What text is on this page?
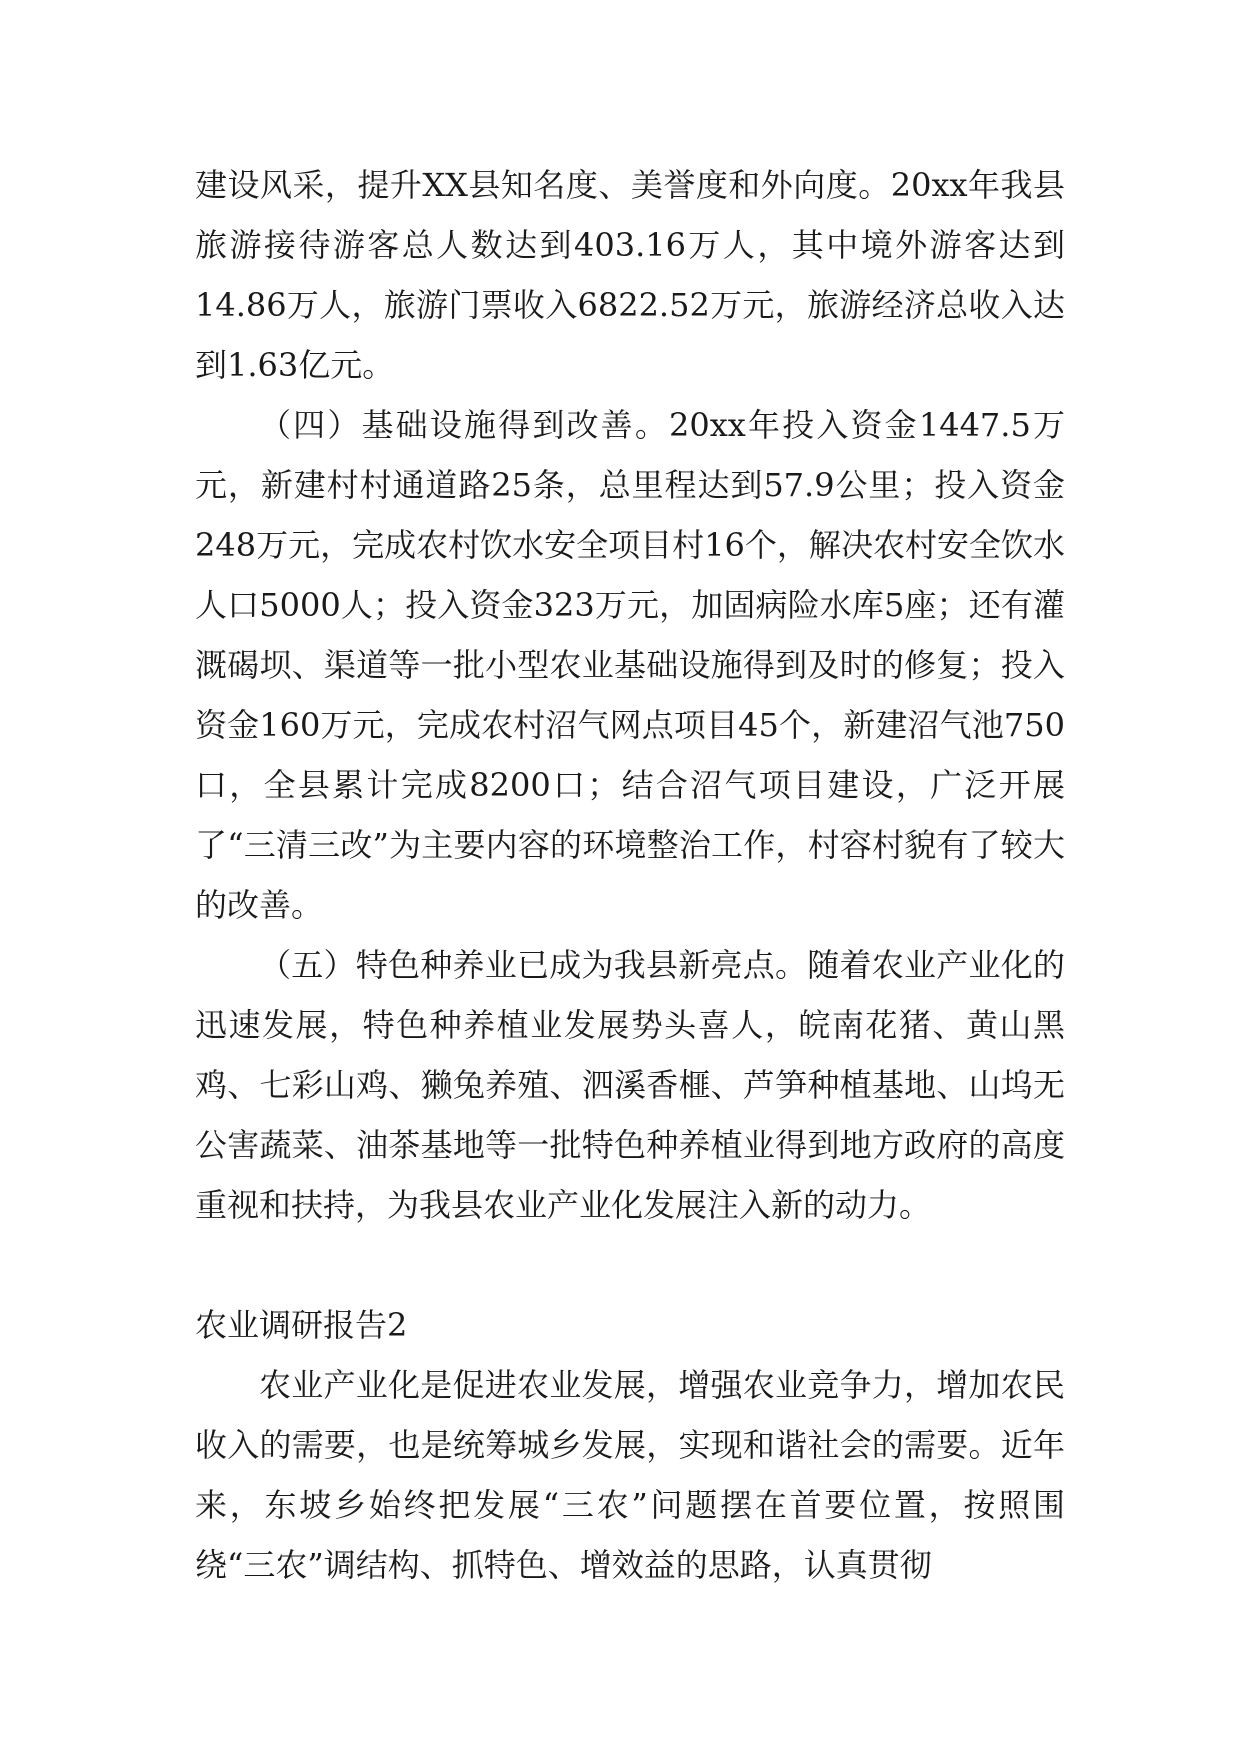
建设风采，提升XX县知名度、美誉度和外向度。20xx年我县旅游接待游客总人数达到403.16万人，其中境外游客达到14.86万人，旅游门票收入6822.52万元，旅游经济总收入达到1.63亿元。

（四）基础设施得到改善。20xx年投入资金1447.5万元，新建村村通道路25条，总里程达到57.9公里；投入资金248万元，完成农村饮水安全项目村16个，解决农村安全饮水人口5000人；投入资金323万元，加固病险水库5座；还有灌溉碣坝、渠道等一批小型农业基础设施得到及时的修复；投入资金160万元，完成农村沼气网点项目45个，新建沼气池750口，全县累计完成8200口；结合沼气项目建设，广泛开展了“三清三改”为主要内容的环境整治工作，村容村貌有了较大的改善。

（五）特色种养业已成为我县新亮点。随着农业产业化的迅速发展，特色种养植业发展势头喜人，皖南花猪、黄山黑鸡、七彩山鸡、獭兔养殖、泗溪香榧、芦笋种植基地、山坞无公害蔬菜、油茶基地等一批特色种养植业得到地方政府的高度重视和扶持，为我县农业产业化发展注入新的动力。

农业调研报告2

农业产业化是促进农业发展，增强农业竞争力，增加农民收入的需要，也是统筹城乡发展，实现和谐社会的需要。近年来，东坡乡始终把发展“三农”问题摆在首要位置，按照围绕“三农”调结构、抓特色、增效益的思路，认真贯彻
